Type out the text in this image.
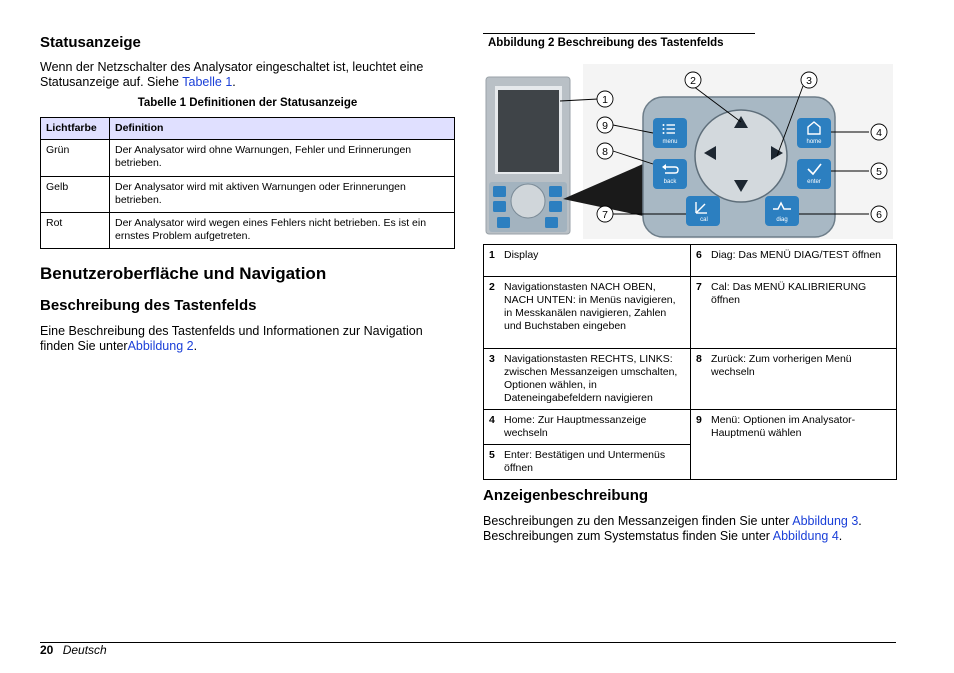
Statusanzeige

Wenn der Netzschalter des Analysator eingeschaltet ist, leuchtet eine
Statusanzeige auf. Siehe Tabelle 1.

Tabelle 1 Definitionen der Statusanzeige
Lichtfarbe	Definition
Grün	Der Analysator wird ohne Warnungen, Fehler und Erinnerungen betrieben.
Gelb	Der Analysator wird mit aktiven Warnungen oder Erinnerungen betrieben.
Rot	Der Analysator wird wegen eines Fehlers nicht betrieben. Es ist ein ernstes Problem aufgetreten.
Benutzeroberfläche und Navigation
Beschreibung des Tastenfelds

Eine Beschreibung des Tastenfelds und Informationen zur Navigation
finden Sie unterAbbildung 2.

Abbildung 2 Beschreibung des Tastenfelds
menu
back
cal
home
enter
diag
1
2	3
4
5
6
7
8
9
1 Display	6 Diag: Das MENÜ DIAG/TEST öffnen
2 Navigationstasten NACH OBEN, NACH UNTEN: in Menüs navigieren, in Messkanälen navigieren, Zahlen und Buchstaben eingeben	7 Cal: Das MENÜ KALIBRIERUNG öffnen
3 Navigationstasten RECHTS, LINKS: zwischen Messanzeigen umschalten, Optionen wählen, in Dateneingabefeldern navigieren	8 Zurück: Zum vorherigen Menü wechseln
4 Home: Zur Hauptmessanzeige wechseln	9 Menü: Optionen im Analysator-Hauptmenü wählen
5 Enter: Bestätigen und Untermenüs öffnen	
Anzeigenbeschreibung

Beschreibungen zu den Messanzeigen finden Sie unter Abbildung 3.
Beschreibungen zum Systemstatus finden Sie unter Abbildung 4.

20 Deutsch
